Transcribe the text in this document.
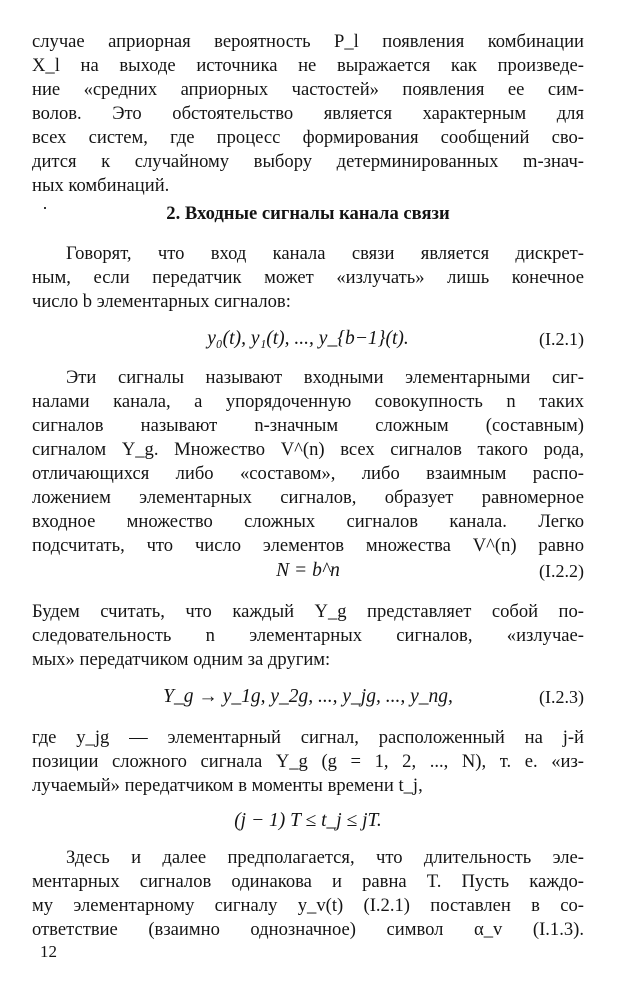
случае априорная вероятность P_l появления комбинации
X_l на выходе источника не выражается как произведе-
ние «средних априорных частостей» появления ее сим-
волов. Это обстоятельство является характерным для
всех систем, где процесс формирования сообщений сво-
дится к случайному выбору детерминированных m-знач-
ных комбинаций.
2. Входные сигналы канала связи
Говорят, что вход канала связи является дискрет-
ным, если передатчик может «излучать» лишь конечное
число b элементарных сигналов:
y₀(t), y₁(t), ..., y_{b−1}(t).	(I.2.1)
Эти сигналы называют входными элементарными сиг-
налами канала, а упорядоченную совокупность n таких
сигналов называют n-значным сложным (составным)
сигналом Y_g. Множество V^(n) всех сигналов такого рода,
отличающихся либо «составом», либо взаимным распо-
ложением элементарных сигналов, образует равномерное
входное множество сложных сигналов канала. Легко
подсчитать, что число элементов множества V^(n) равно
N = b^n	(I.2.2)
Будем считать, что каждый Y_g представляет собой по-
следовательность n элементарных сигналов, «излучае-
мых» передатчиком одним за другим:
Y_g → y_1g, y_2g, ..., y_jg, ..., y_ng,	(I.2.3)
где y_jg — элементарный сигнал, расположенный на j-й
позиции сложного сигнала Y_g (g = 1, 2, ..., N), т. е. «из-
лучаемый» передатчиком в моменты времени t_j,
(j − 1) T ≤ t_j ≤ jT.
Здесь и далее предполагается, что длительность эле-
ментарных сигналов одинакова и равна T. Пусть каждо-
му элементарному сигналу y_v(t) (I.2.1) поставлен в со-
ответствие (взаимно однозначное) символ α_v (I.1.3).
12
